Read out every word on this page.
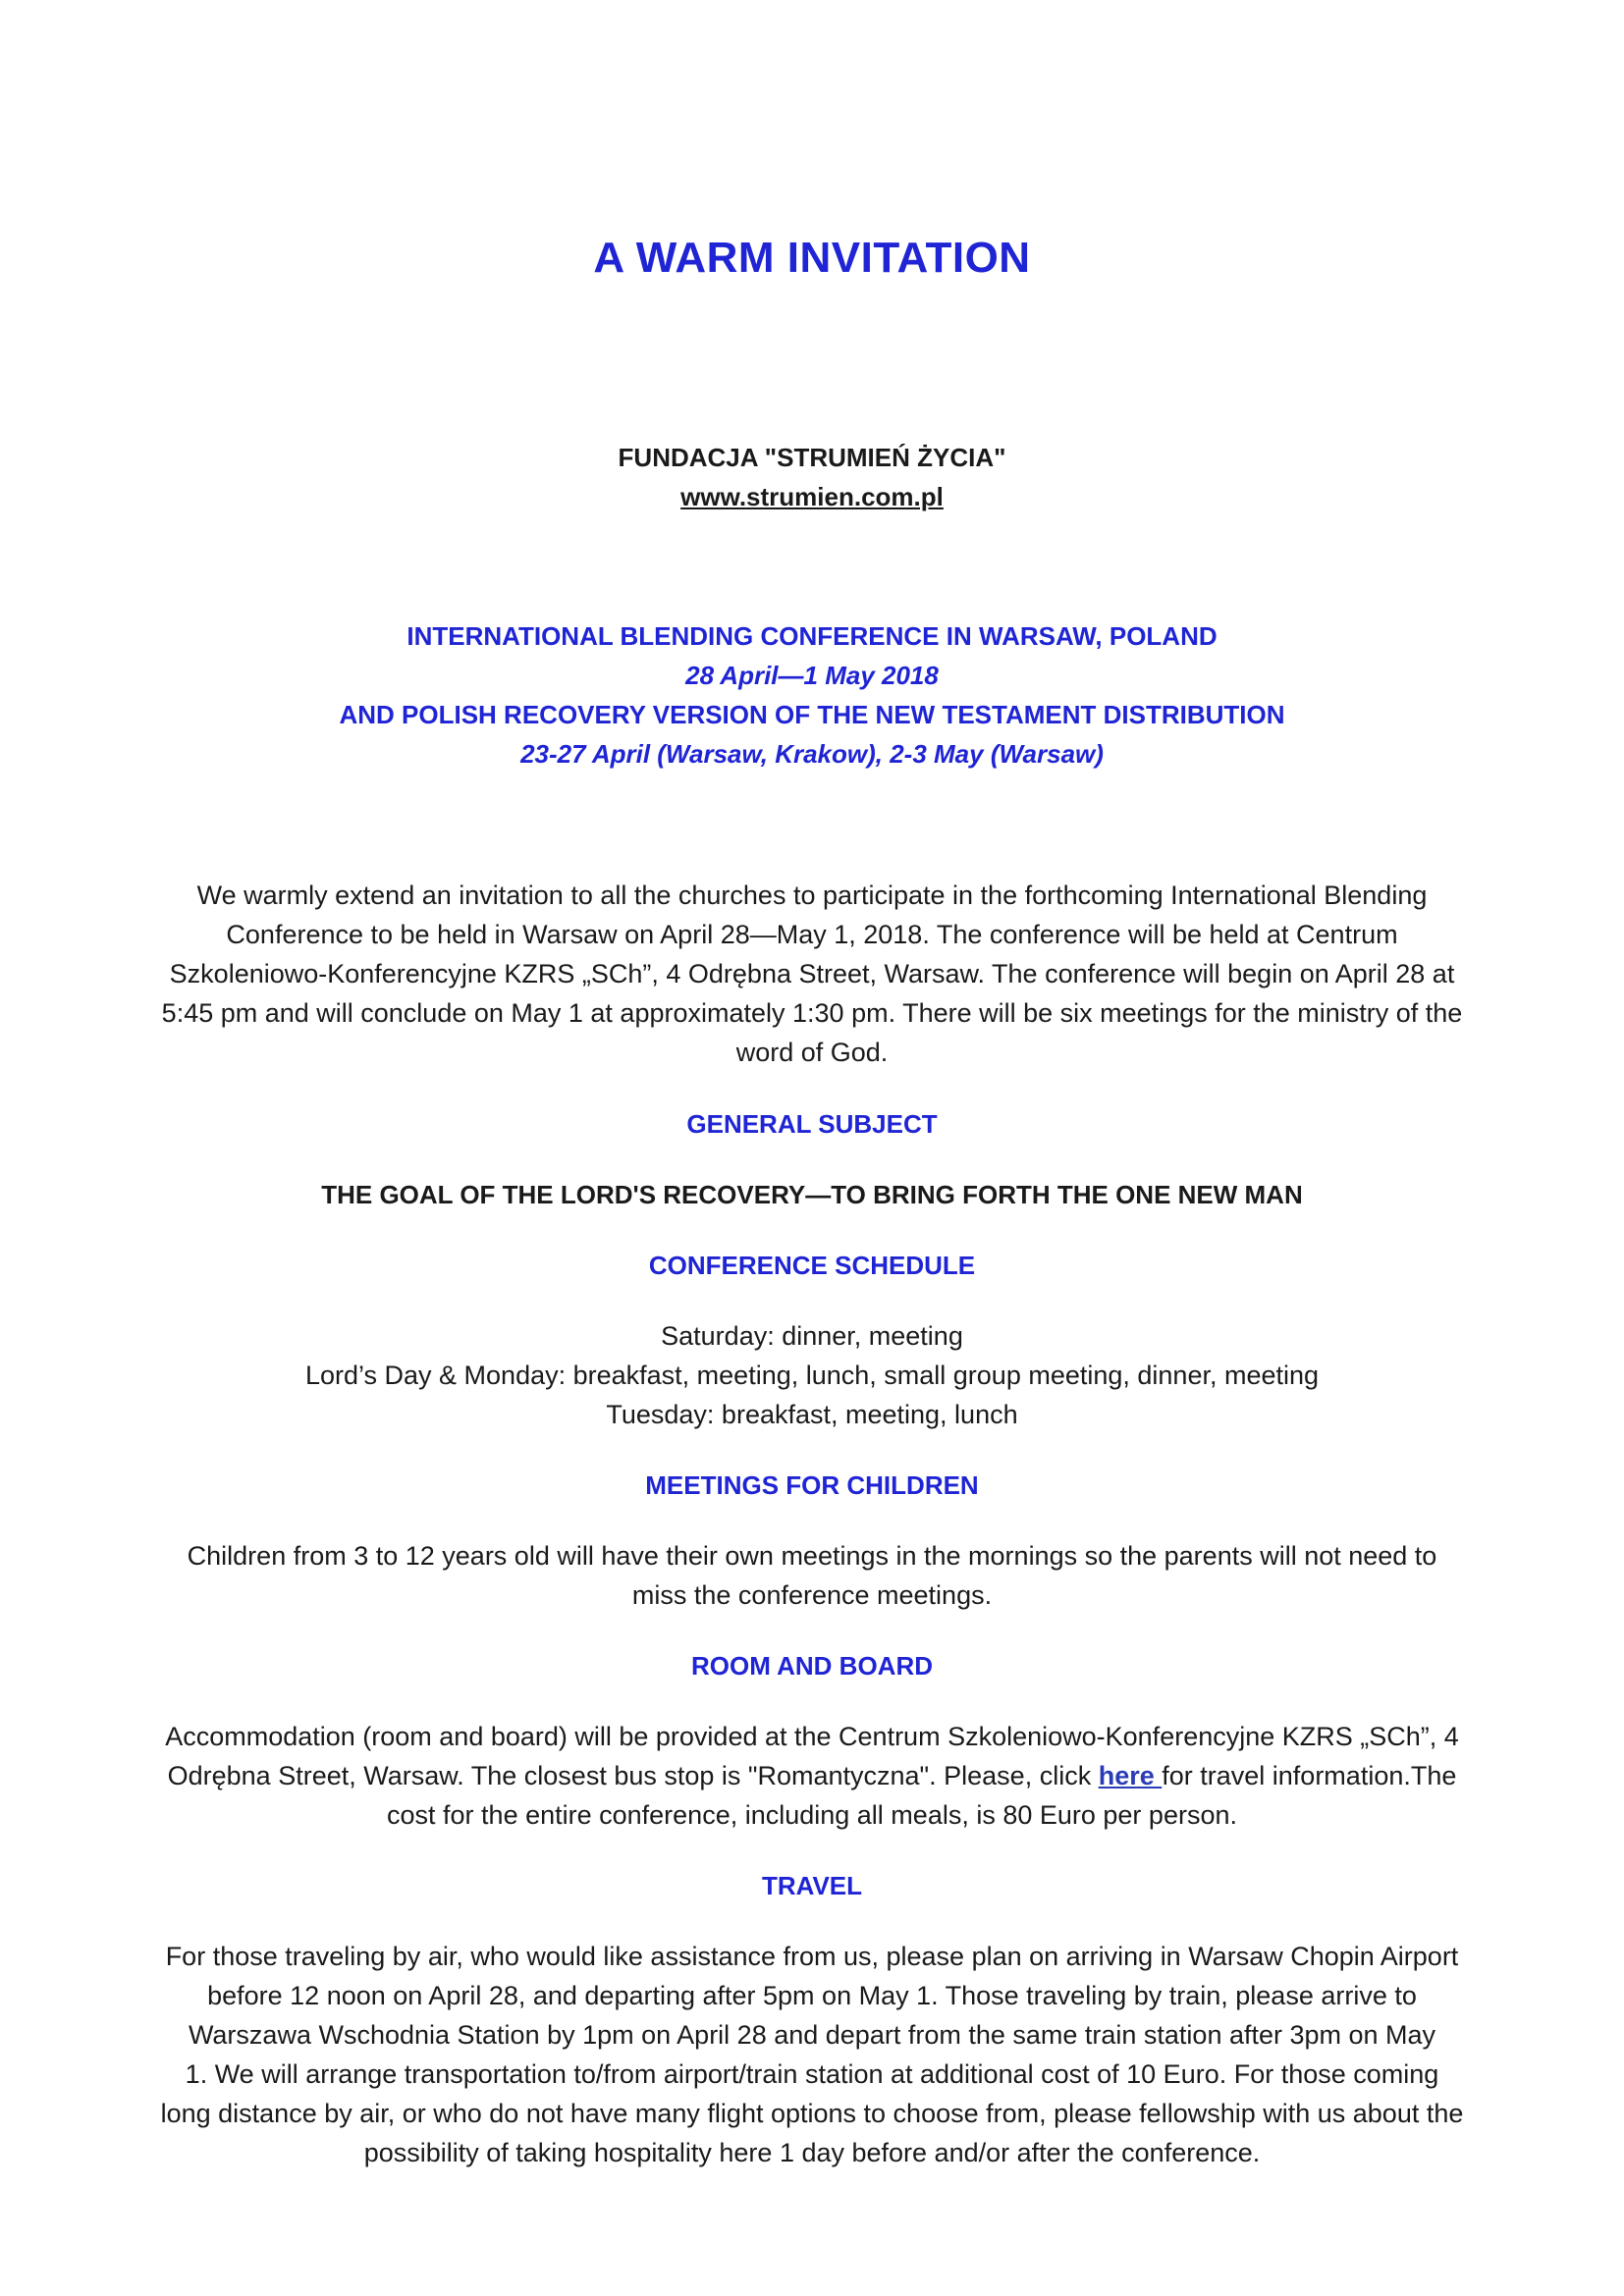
A WARM INVITATION
FUNDACJA "STRUMIEŃ ŻYCIA"
www.strumien.com.pl
INTERNATIONAL BLENDING CONFERENCE IN WARSAW, POLAND
28 April—1 May 2018
AND POLISH RECOVERY VERSION OF THE NEW TESTAMENT DISTRIBUTION
23-27 April (Warsaw, Krakow), 2-3 May (Warsaw)
We warmly extend an invitation to all the churches to participate in the forthcoming International Blending
Conference to be held in Warsaw on April 28—May 1, 2018. The conference will be held at Centrum
Szkoleniowo-Konferencyjne KZRS „SCh”, 4 Odrębna Street, Warsaw. The conference will begin on April 28 at
5:45 pm and will conclude on May 1 at approximately 1:30 pm. There will be six meetings for the ministry of the
word of God.
GENERAL SUBJECT
THE GOAL OF THE LORD'S RECOVERY—TO BRING FORTH THE ONE NEW MAN
CONFERENCE SCHEDULE
Saturday: dinner, meeting
Lord’s Day & Monday: breakfast, meeting, lunch, small group meeting, dinner, meeting
Tuesday: breakfast, meeting, lunch
MEETINGS FOR CHILDREN
Children from 3 to 12 years old will have their own meetings in the mornings so the parents will not need to
miss the conference meetings.
ROOM AND BOARD
Accommodation (room and board) will be provided at the Centrum Szkoleniowo-Konferencyjne KZRS „SCh”, 4
Odrębna Street, Warsaw. The closest bus stop is "Romantyczna". Please, click here for travel information.The
cost for the entire conference, including all meals, is 80 Euro per person.
TRAVEL
For those traveling by air, who would like assistance from us, please plan on arriving in Warsaw Chopin Airport
before 12 noon on April 28, and departing after 5pm on May 1. Those traveling by train, please arrive to
Warszawa Wschodnia Station by 1pm on April 28 and depart from the same train station after 3pm on May
1. We will arrange transportation to/from airport/train station at additional cost of 10 Euro. For those coming
long distance by air, or who do not have many flight options to choose from, please fellowship with us about the
possibility of taking hospitality here 1 day before and/or after the conference.
